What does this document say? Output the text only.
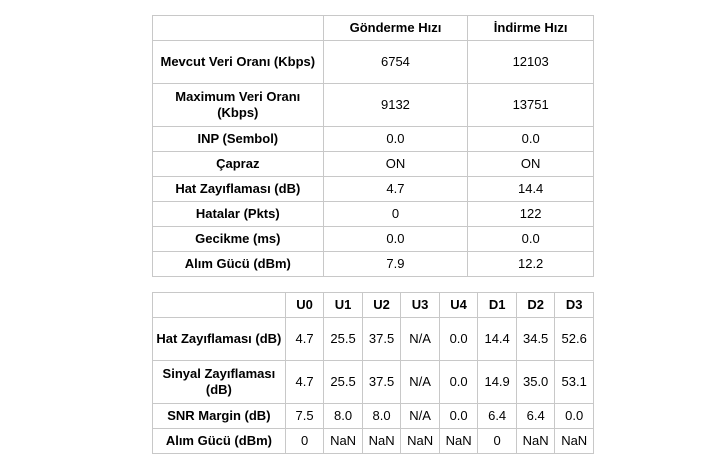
	Gönderme Hızı	İndirme Hızı
Mevcut Veri Oranı (Kbps)	6754	12103
Maximum Veri Oranı (Kbps)	9132	13751
INP (Sembol)	0.0	0.0
Çapraz	ON	ON
Hat Zayıflaması (dB)	4.7	14.4
Hatalar (Pkts)	0	122
Gecikme (ms)	0.0	0.0
Alım Gücü (dBm)	7.9	12.2
	U0	U1	U2	U3	U4	D1	D2	D3
Hat Zayıflaması (dB)	4.7	25.5	37.5	N/A	0.0	14.4	34.5	52.6
Sinyal Zayıflaması (dB)	4.7	25.5	37.5	N/A	0.0	14.9	35.0	53.1
SNR Margin (dB)	7.5	8.0	8.0	N/A	0.0	6.4	6.4	0.0
Alım Gücü (dBm)	0	NaN	NaN	NaN	NaN	0	NaN	NaN
